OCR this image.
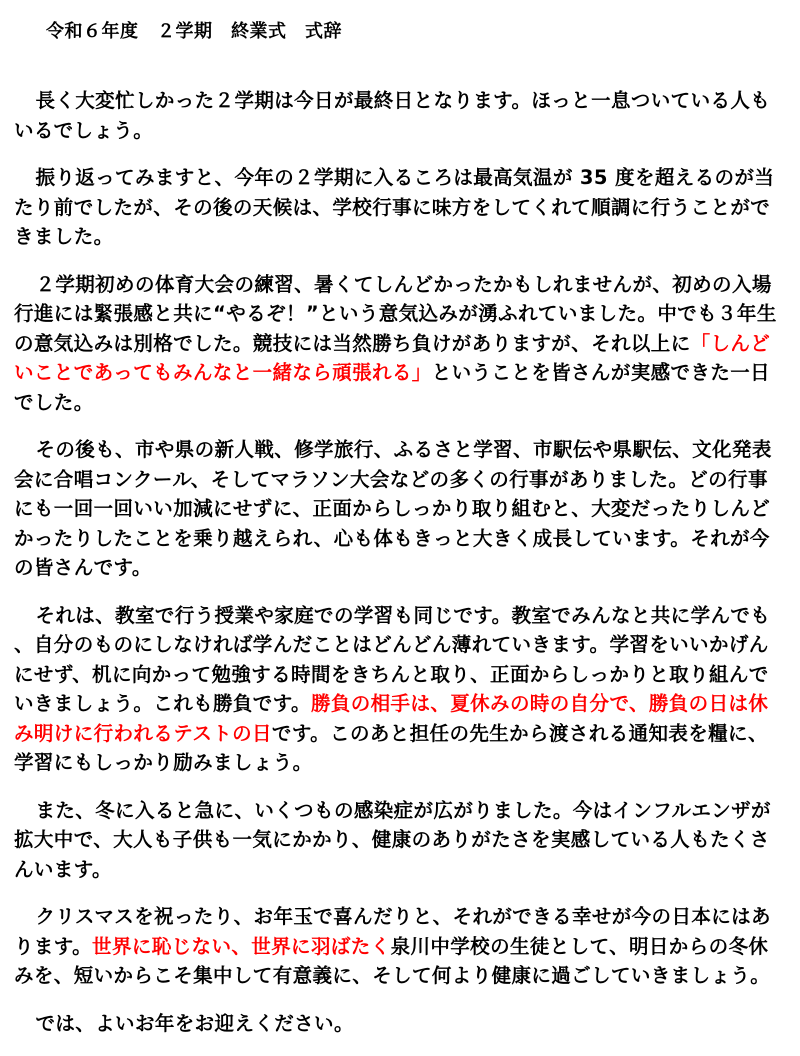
令和６年度　２学期　終業式　式辞

長く大変忙しかった２学期は今日が最終日となります。ほっと一息ついている人もいるでしょう。

振り返ってみますと、今年の２学期に入るころは最高気温が 35 度を超えるのが当たり前でしたが、その後の天候は、学校行事に味方をしてくれて順調に行うことができました。

２学期初めの体育大会の練習、暑くてしんどかったかもしれませんが、初めの入場行進には緊張感と共に“やるぞ！”という意気込みが湧ふれていました。中でも３年生の意気込みは別格でした。競技には当然勝ち負けがありますが、それ以上に「しんどいことであってもみんなと一緒なら頑張れる」ということを皆さんが実感できた一日でした。

その後も、市や県の新人戦、修学旅行、ふるさと学習、市駅伝や県駅伝、文化発表会に合唱コンクール、そしてマラソン大会などの多くの行事がありました。どの行事にも一回一回いい加減にせずに、正面からしっかり取り組むと、大変だったりしんどかったりしたことを乗り越えられ、心も体もきっと大きく成長しています。それが今の皆さんです。

それは、教室で行う授業や家庭での学習も同じです。教室でみんなと共に学んでも、自分のものにしなければ学んだことはどんどん薄れていきます。学習をいいかげんにせず、机に向かって勉強する時間をきちんと取り、正面からしっかりと取り組んでいきましょう。これも勝負です。勝負の相手は、夏休みの時の自分で、勝負の日は休み明けに行われるテストの日です。このあと担任の先生から渡される通知表を糧に、学習にもしっかり励みましょう。

また、冬に入ると急に、いくつもの感染症が広がりました。今はインフルエンザが拡大中で、大人も子供も一気にかかり、健康のありがたさを実感している人もたくさんいます。

クリスマスを祝ったり、お年玉で喜んだりと、それができる幸せが今の日本にはあります。世界に恥じない、世界に羽ばたく泉川中学校の生徒として、明日からの冬休みを、短いからこそ集中して有意義に、そして何より健康に過ごしていきましょう。

では、よいお年をお迎えください。
